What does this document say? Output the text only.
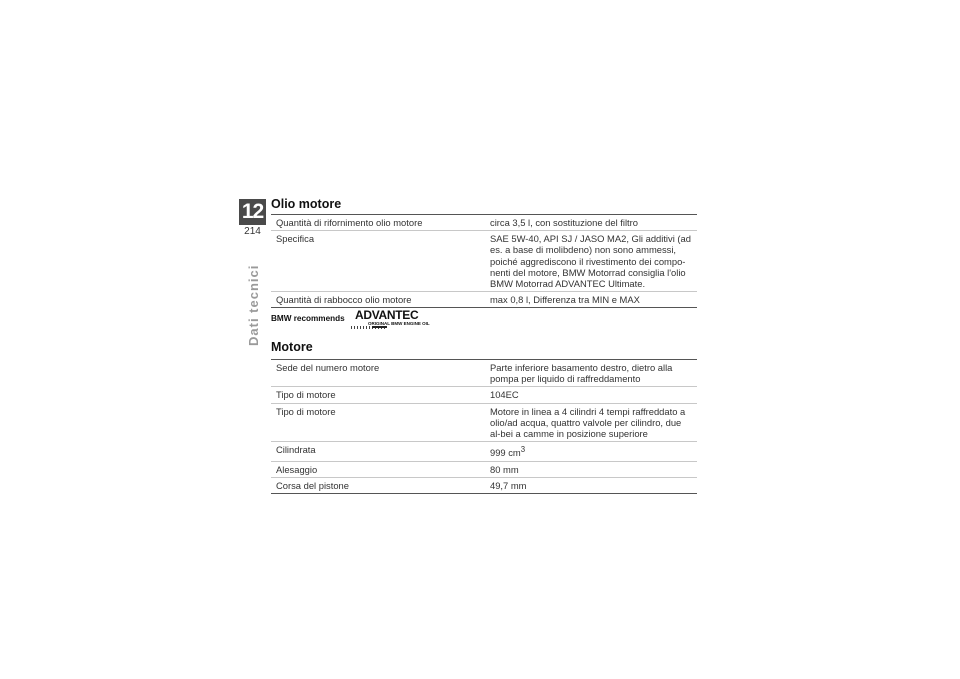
12
214
Dati tecnici
Olio motore
Quantità di rifornimento olio motore	circa 3,5 l, con sostituzione del filtro
Specifica	SAE 5W-40, API SJ / JASO MA2, Gli additivi (ad es. a base di molibdeno) non sono ammessi, poiché aggrediscono il rivestimento dei compo-nenti del motore, BMW Motorrad consiglia l'olio BMW Motorrad ADVANTEC Ultimate.
Quantità di rabbocco olio motore	max 0,8 l, Differenza tra MIN e MAX
BMW recommends ADVANTEC
ORIGINAL BMW ENGINE OIL
Motore
Sede del numero motore	Parte inferiore basamento destro, dietro alla pompa per liquido di raffreddamento
Tipo di motore	104EC
Tipo di motore	Motore in linea a 4 cilindri 4 tempi raffreddato a olio/ad acqua, quattro valvole per cilindro, due al-bei a camme in posizione superiore
Cilindrata	999 $cm^3$
Alesaggio	80 mm
Corsa del pistone	49,7 mm
